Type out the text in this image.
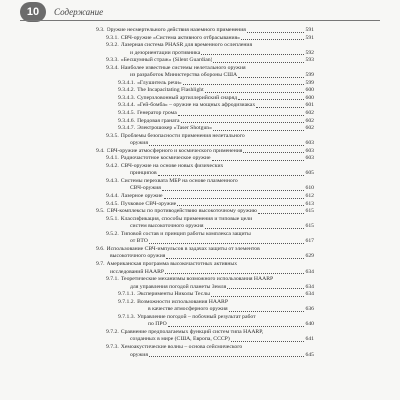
10	Содержание
9.3. Оружие несмертельного действия наземного применения	591
9.3.1. СВЧ-оружие «Система активного отбрасывания»	591
9.3.2. Лазерная система PHASR для временного ослепления
и дезориентации противника	592
9.3.3. «Бесшумный страж» (Silent Guardian)	593
9.3.4. Наиболее известные системы нелетального оружия
из разработок Министерства обороны США	599
9.3.4.1. «Глушитель речи»	599
9.3.4.2. The Incapacitating Flashlight	600
9.3.4.3. Суперзловонный артиллерийский снаряд	600
9.3.4.4. «Гей-бомба» – оружие на мощных афродизиаках	601
9.3.4.5. Генератор грома	602
9.3.4.6. Пердовая граната	602
9.3.4.7. Электрошокер «Taser Shotgun»	602
9.3.5. Проблемы безопасности применения нелетального
оружия	603
9.4. СВЧ-оружие атмосферного и космического применения	603
9.4.1. Радиочастотное космическое оружие	603
9.4.2. СВЧ-оружие на основе новых физических
принципов	605
9.4.3. Системы перехвата МБР на основе плазменного
СВЧ-оружия	610
9.4.4. Лазерное оружие	612
9.4.5. Пучковое СВЧ-оружие	613
9.5. СВЧ-комплексы по противодействию высокоточному оружию	615
9.5.1. Классификация, способы применения и типовые цели
систем высокоточного оружия	615
9.5.2. Типовой состав и принцип работы комплекса защиты
от ВТО	617
9.6. Использование СВЧ-импульсов в задачах защиты от элементов
высокоточного оружия	629
9.7. Американская программа высокочастотных активных
исследований HAARP	634
9.7.1. Теоретические механизмы возможного использования HAARP
для управления погодой планеты Земля	634
9.7.1.1. Эксперименты Николы Теслы	634
9.7.1.2. Возможности использования HAARP
в качестве атмосферного оружия	636
9.7.1.3. Управление погодой – побочный результат работ
по ПРО	640
9.7.2. Сравнение предполагаемых функций систем типа HAARP,
созданных в мире (США, Европа, СССР)	641
9.7.3. Хемоакустические волны – основа сейсмического
оружия	645
